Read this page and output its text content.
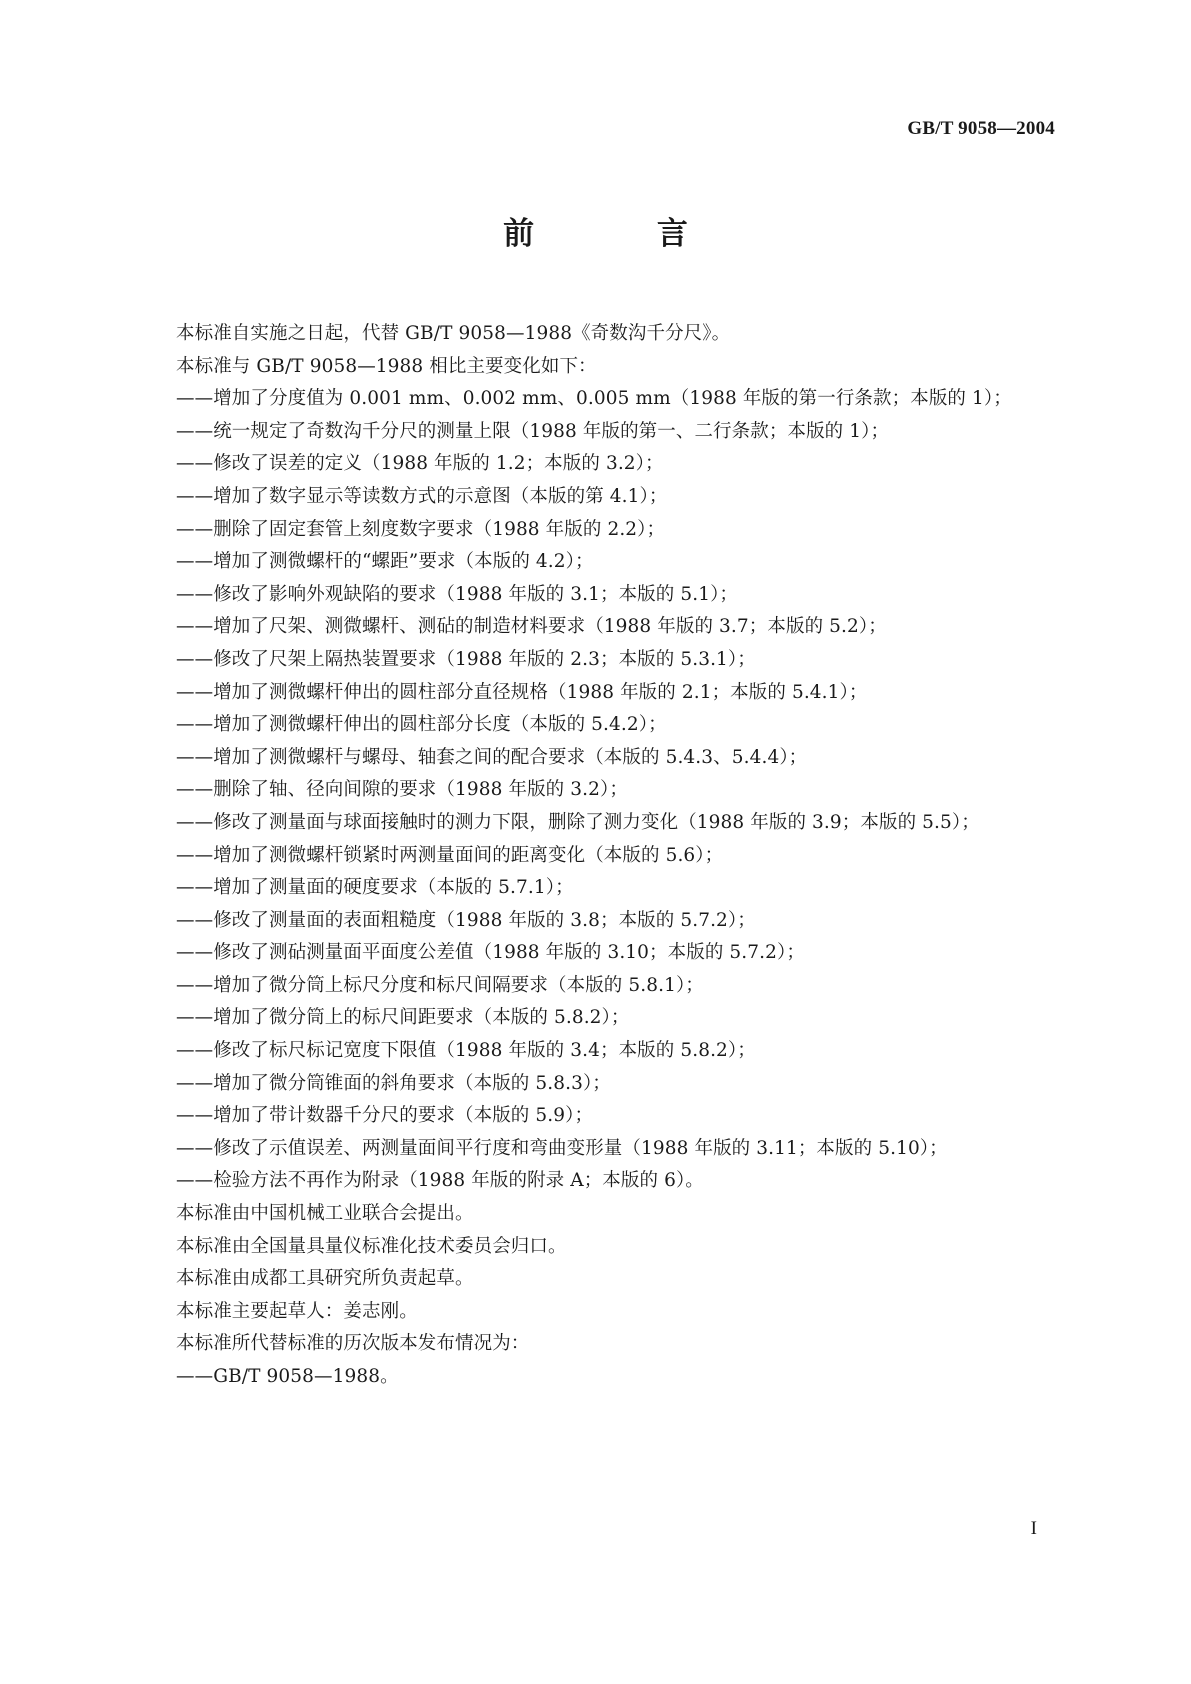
GB/T 9058—2004
前 言
本标准自实施之日起，代替 GB/T 9058—1988《奇数沟千分尺》。
本标准与 GB/T 9058—1988 相比主要变化如下：
——增加了分度值为 0.001 mm、0.002 mm、0.005 mm（1988 年版的第一行条款；本版的 1）；
——统一规定了奇数沟千分尺的测量上限（1988 年版的第一、二行条款；本版的 1）；
——修改了误差的定义（1988 年版的 1.2；本版的 3.2）；
——增加了数字显示等读数方式的示意图（本版的第 4.1）；
——删除了固定套管上刻度数字要求（1988 年版的 2.2）；
——增加了测微螺杆的“螺距”要求（本版的 4.2）；
——修改了影响外观缺陷的要求（1988 年版的 3.1；本版的 5.1）；
——增加了尺架、测微螺杆、测砧的制造材料要求（1988 年版的 3.7；本版的 5.2）；
——修改了尺架上隔热装置要求（1988 年版的 2.3；本版的 5.3.1）；
——增加了测微螺杆伸出的圆柱部分直径规格（1988 年版的 2.1；本版的 5.4.1）；
——增加了测微螺杆伸出的圆柱部分长度（本版的 5.4.2）；
——增加了测微螺杆与螺母、轴套之间的配合要求（本版的 5.4.3、5.4.4）；
——删除了轴、径向间隙的要求（1988 年版的 3.2）；
——修改了测量面与球面接触时的测力下限，删除了测力变化（1988 年版的 3.9；本版的 5.5）；
——增加了测微螺杆锁紧时两测量面间的距离变化（本版的 5.6）；
——增加了测量面的硬度要求（本版的 5.7.1）；
——修改了测量面的表面粗糙度（1988 年版的 3.8；本版的 5.7.2）；
——修改了测砧测量面平面度公差值（1988 年版的 3.10；本版的 5.7.2）；
——增加了微分筒上标尺分度和标尺间隔要求（本版的 5.8.1）；
——增加了微分筒上的标尺间距要求（本版的 5.8.2）；
——修改了标尺标记宽度下限值（1988 年版的 3.4；本版的 5.8.2）；
——增加了微分筒锥面的斜角要求（本版的 5.8.3）；
——增加了带计数器千分尺的要求（本版的 5.9）；
——修改了示值误差、两测量面间平行度和弯曲变形量（1988 年版的 3.11；本版的 5.10）；
——检验方法不再作为附录（1988 年版的附录 A；本版的 6）。
本标准由中国机械工业联合会提出。
本标准由全国量具量仪标准化技术委员会归口。
本标准由成都工具研究所负责起草。
本标准主要起草人：姜志刚。
本标准所代替标准的历次版本发布情况为：
——GB/T 9058—1988。
I
